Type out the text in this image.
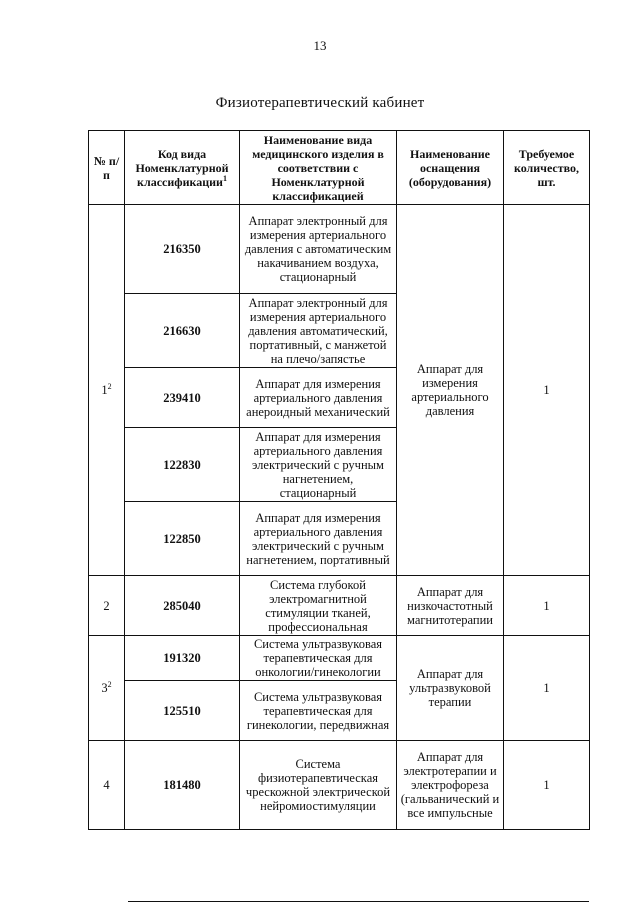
13
Физиотерапевтический кабинет
№ п/п	Код вида Номенклатурной классификации$^1$	Наименование вида медицинского изделия в соответствии с Номенклатурной классификацией	Наименование оснащения (оборудования)	Требуемое количество, шт.
$1^2$	216350	Аппарат электронный для измерения артериального давления с автоматическим накачиванием воздуха, стационарный	Аппарат для измерения артериального давления	1
	216630	Аппарат электронный для измерения артериального давления автоматический, портативный, с манжетой на плечо/запястье		
	239410	Аппарат для измерения артериального давления анероидный механический		
	122830	Аппарат для измерения артериального давления электрический с ручным нагнетением, стационарный		
	122850	Аппарат для измерения артериального давления электрический с ручным нагнетением, портативный		
2	285040	Система глубокой электромагнитной стимуляции тканей, профессиональная	Аппарат для низкочастотный магнитотерапии	1
$3^2$	191320	Система ультразвуковая терапевтическая для онкологии/гинекологии	Аппарат для ультразвуковой терапии	1
	125510	Система ультразвуковая терапевтическая для гинекологии, передвижная		
4	181480	Система физиотерапевтическая чрескожной электрической нейромиостимуляции	Аппарат для электротерапии и электрофореза (гальванический и все импульсные	1
